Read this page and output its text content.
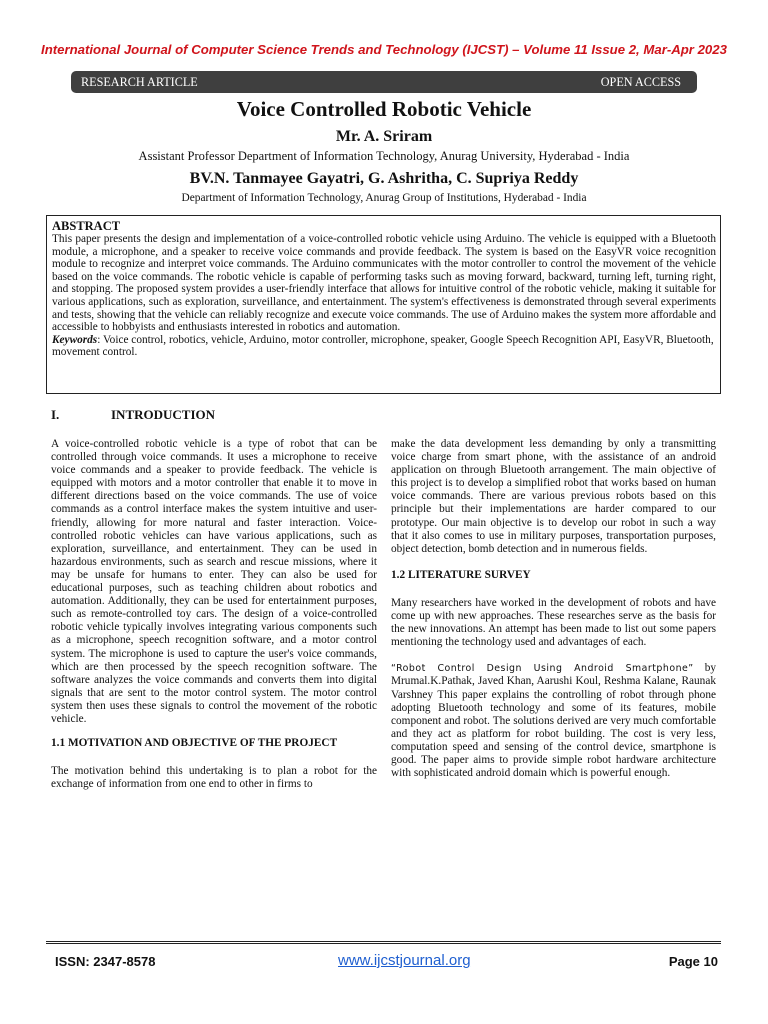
International Journal of Computer Science Trends and Technology (IJCST) – Volume 11 Issue 2, Mar-Apr 2023
RESEARCH ARTICLE	OPEN ACCESS
Voice Controlled Robotic Vehicle
Mr. A. Sriram
Assistant Professor Department of Information Technology, Anurag University, Hyderabad - India
BV.N. Tanmayee Gayatri, G. Ashritha, C. Supriya Reddy
Department of Information Technology, Anurag Group of Institutions, Hyderabad - India
ABSTRACT
This paper presents the design and implementation of a voice-controlled robotic vehicle using Arduino. The vehicle is equipped with a Bluetooth module, a microphone, and a speaker to receive voice commands and provide feedback. The system is based on the EasyVR voice recognition module to recognize and interpret voice commands. The Arduino communicates with the motor controller to control the movement of the vehicle based on the voice commands. The robotic vehicle is capable of performing tasks such as moving forward, backward, turning left, turning right, and stopping. The proposed system provides a user-friendly interface that allows for intuitive control of the robotic vehicle, making it suitable for various applications, such as exploration, surveillance, and entertainment. The system's effectiveness is demonstrated through several experiments and tests, showing that the vehicle can reliably recognize and execute voice commands. The use of Arduino makes the system more affordable and accessible to hobbyists and enthusiasts interested in robotics and automation.
Keywords: Voice control, robotics, vehicle, Arduino, motor controller, microphone, speaker, Google Speech Recognition API, EasyVR, Bluetooth, movement control.
I.	INTRODUCTION

A voice-controlled robotic vehicle is a type of robot that can be controlled through voice commands. It uses a microphone to receive voice commands and a speaker to provide feedback. The vehicle is equipped with motors and a motor controller that enable it to move in different directions based on the voice commands. The use of voice commands as a control interface makes the system intuitive and user-friendly, allowing for more natural and faster interaction. Voice-controlled robotic vehicles can have various applications, such as exploration, surveillance, and entertainment. They can be used in hazardous environments, such as search and rescue missions, where it may be unsafe for humans to enter. They can also be used for educational purposes, such as teaching children about robotics and automation. Additionally, they can be used for entertainment purposes, such as remote-controlled toy cars. The design of a voice-controlled robotic vehicle typically involves integrating various components such as a microphone, speech recognition software, and a motor control system. The microphone is used to capture the user's voice commands, which are then processed by the speech recognition software. The software analyzes the voice commands and converts them into digital signals that are sent to the motor control system. The motor control system then uses these signals to control the movement of the robotic vehicle.

1.1 MOTIVATION AND OBJECTIVE OF THE PROJECT

The motivation behind this undertaking is to plan a robot for the exchange of information from one end to other in firms to

make the data development less demanding by only a transmitting voice charge from smart phone, with the assistance of an android application on through Bluetooth arrangement. The main objective of this project is to develop a simplified robot that works based on human voice commands. There are various previous robots based on this principle but their implementations are harder compared to our prototype. Our main objective is to develop our robot in such a way that it also comes to use in military purposes, transportation purposes, object detection, bomb detection and in numerous fields.

1.2 LITERATURE SURVEY

Many researchers have worked in the development of robots and have come up with new approaches. These researches serve as the basis for the new innovations. An attempt has been made to list out some papers mentioning the technology used and advantages of each.

“Robot Control Design Using Android Smartphone” by Mrumal.K.Pathak, Javed Khan, Aarushi Koul, Reshma Kalane, Raunak Varshney This paper explains the controlling of robot through phone adopting Bluetooth technology and some of its features, mobile component and robot. The solutions derived are very much comfortable and they act as platform for robot building. The cost is very less, computation speed and sensing of the control device, smartphone is good. The paper aims to provide simple robot hardware architecture with sophisticated android domain which is powerful enough.

ISSN: 2347-8578	www.ijcstjournal.org	Page 10
